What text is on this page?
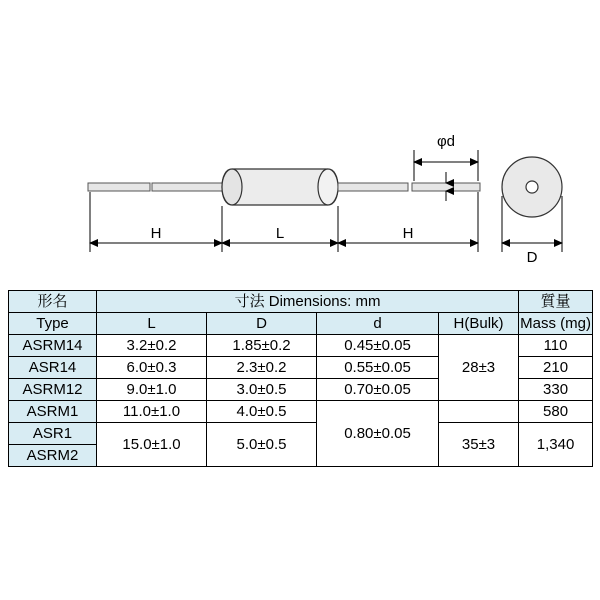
φd
D
H	L	H
形名	寸法 Dimensions: mm				質量
Type	L	D	d	H(Bulk)	Mass (mg)
ASRM14	3.2±0.2	1.85±0.2	0.45±0.05	28±3	110
ASR14	6.0±0.3	2.3±0.2	0.55±0.05		210
ASRM12	9.0±1.0	3.0±0.5	0.70±0.05		330
ASRM1	11.0±1.0	4.0±0.5	0.80±0.05		580
ASR1	15.0±1.0	5.0±0.5		35±3	1,340
ASRM2					
